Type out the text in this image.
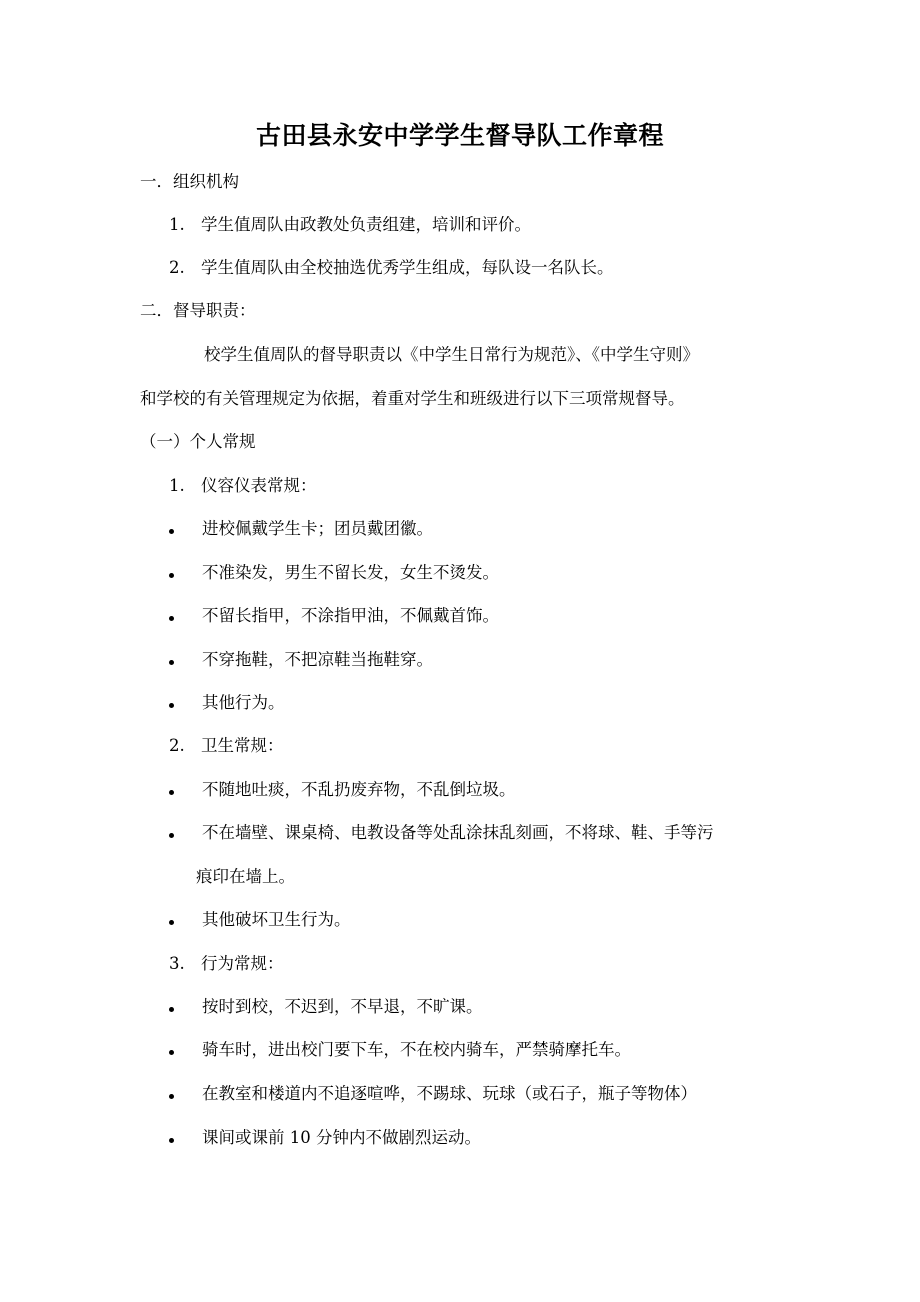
古田县永安中学学生督导队工作章程

一．组织机构

1. 学生值周队由政教处负责组建，培训和评价。

2. 学生值周队由全校抽选优秀学生组成，每队设一名队长。

二．督导职责：

校学生值周队的督导职责以《中学生日常行为规范》、《中学生守则》

和学校的有关管理规定为依据，着重对学生和班级进行以下三项常规督导。

（一）个人常规

1. 仪容仪表常规：

进校佩戴学生卡；团员戴团徽。

不准染发，男生不留长发，女生不烫发。

不留长指甲，不涂指甲油，不佩戴首饰。

不穿拖鞋，不把凉鞋当拖鞋穿。

其他行为。

2. 卫生常规：

不随地吐痰，不乱扔废弃物，不乱倒垃圾。

不在墙壁、课桌椅、电教设备等处乱涂抹乱刻画，不将球、鞋、手等污

痕印在墙上。

其他破坏卫生行为。

3. 行为常规：

按时到校，不迟到，不早退，不旷课。

骑车时，进出校门要下车，不在校内骑车，严禁骑摩托车。

在教室和楼道内不追逐喧哗，不踢球、玩球（或石子，瓶子等物体）

课间或课前 10 分钟内不做剧烈运动。
